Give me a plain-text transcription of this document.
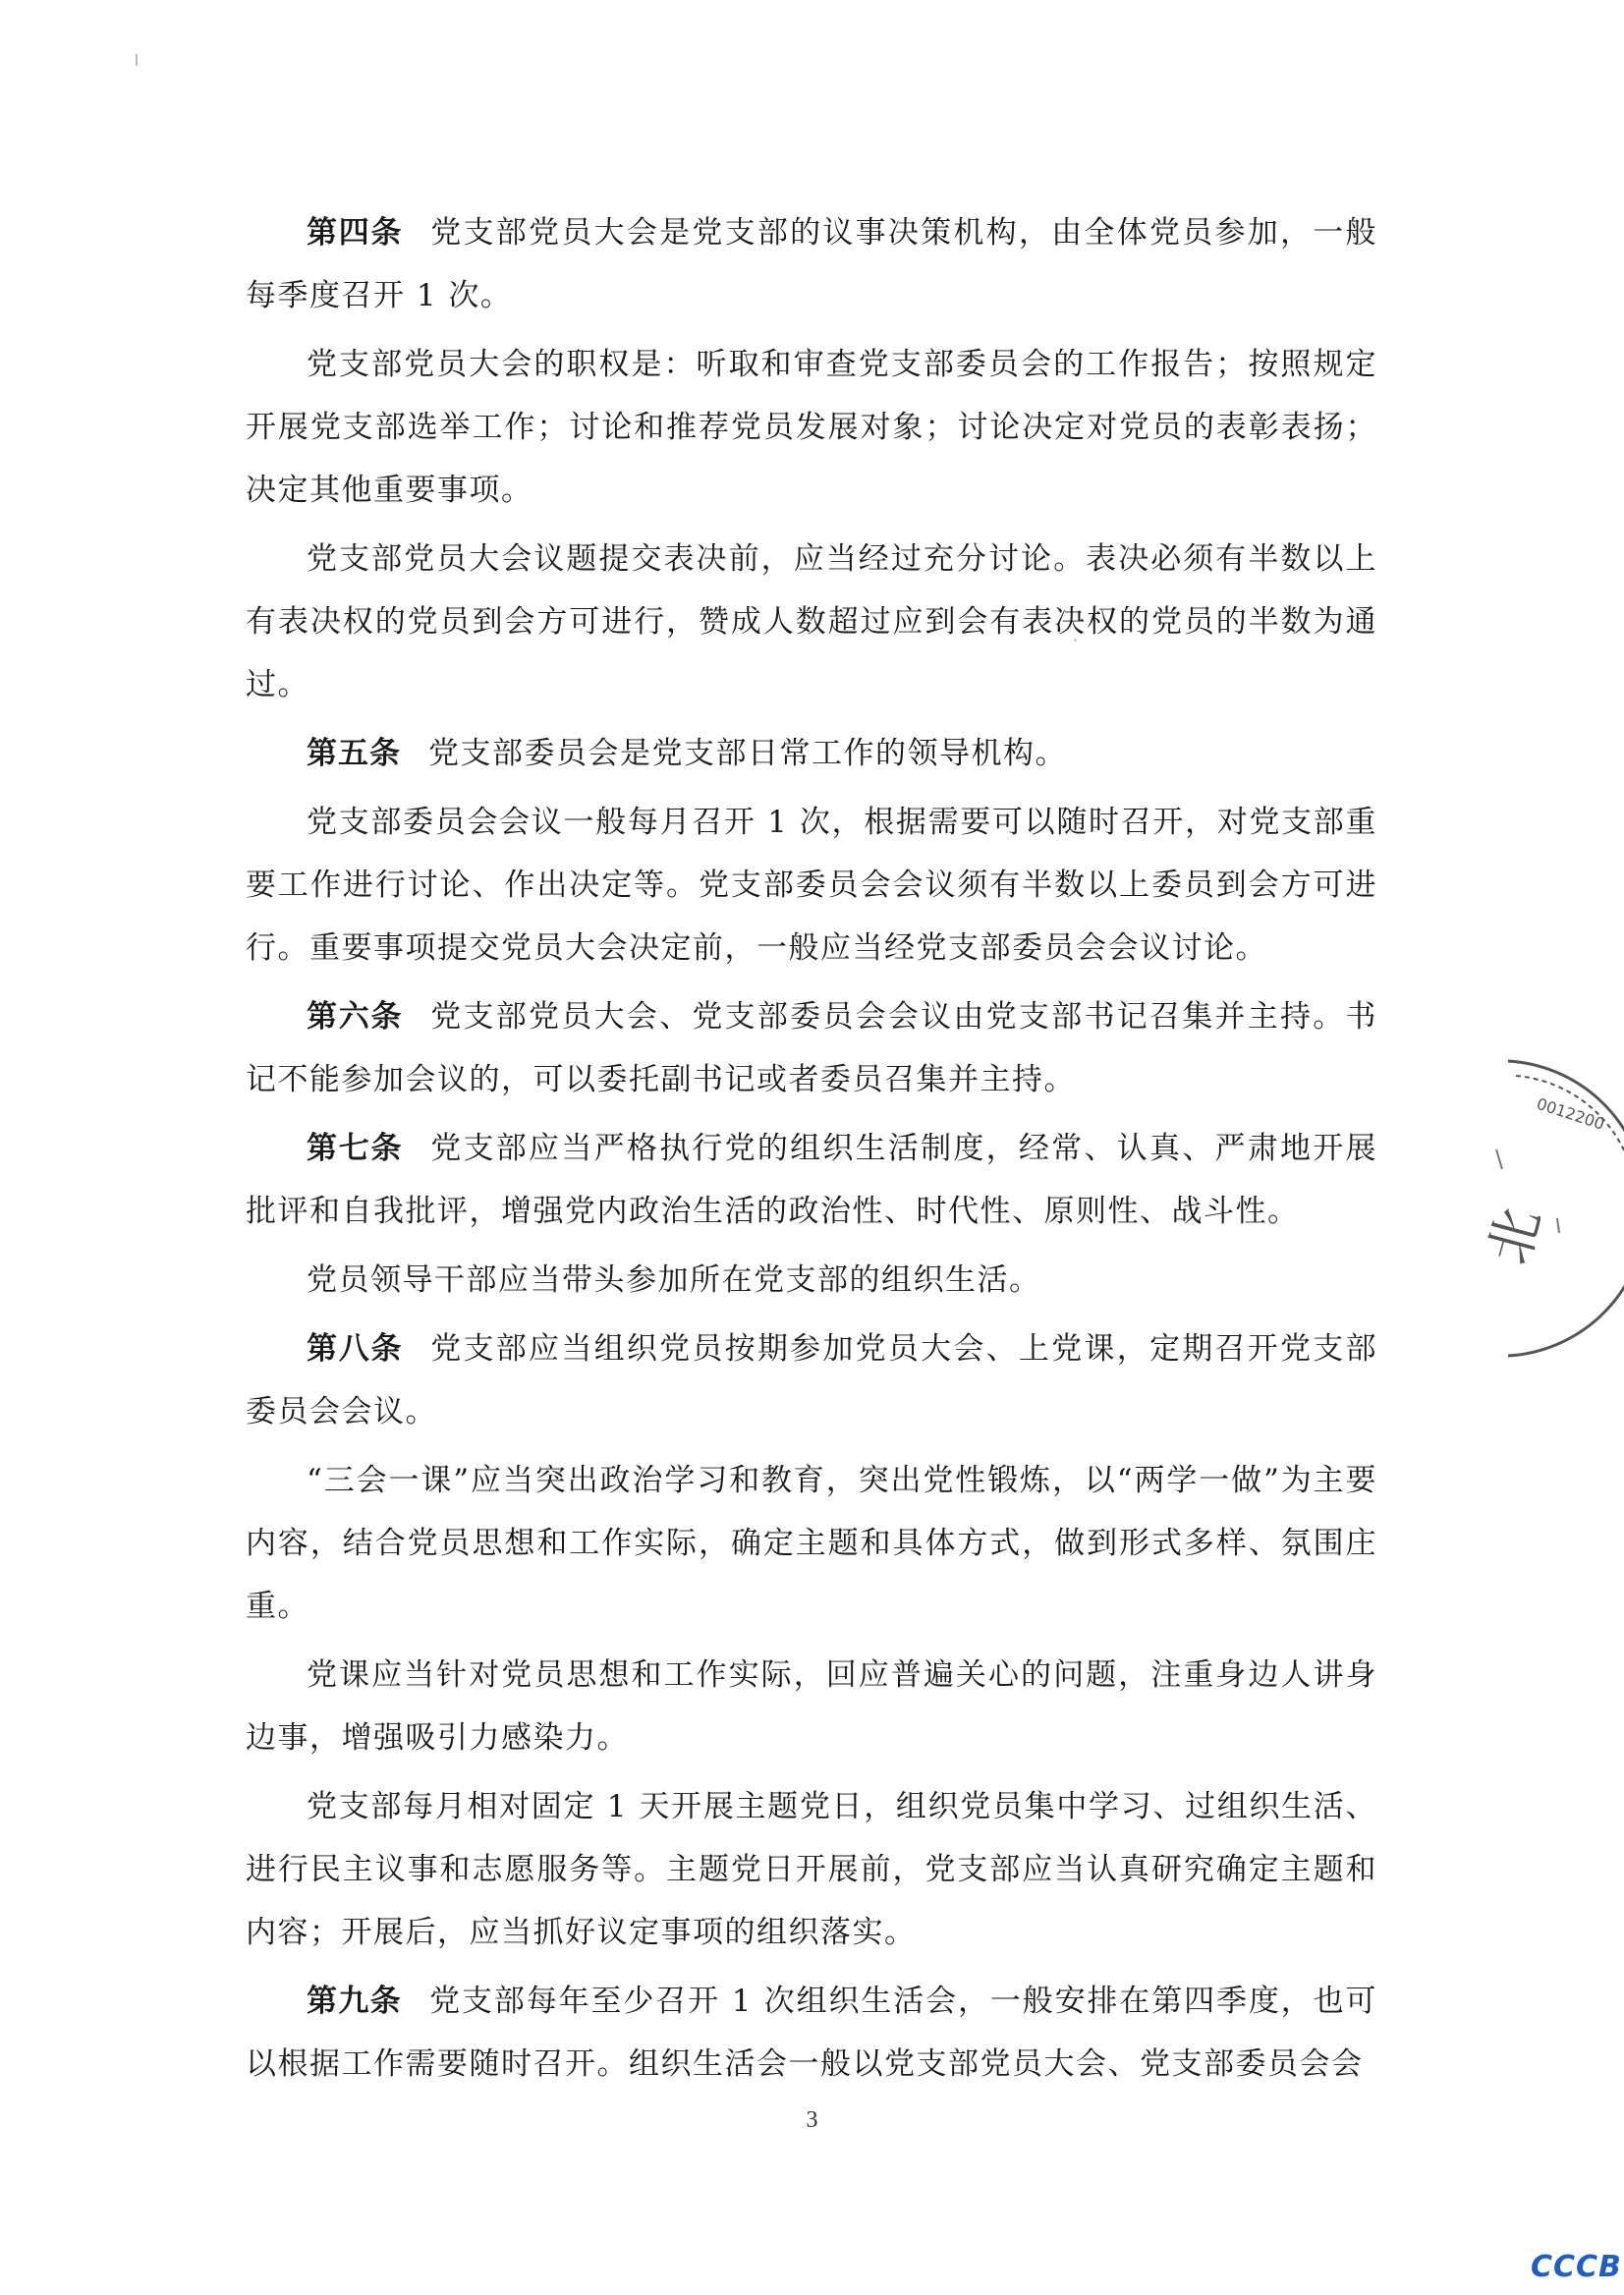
第四条 党支部党员大会是党支部的议事决策机构，由全体党员参加，一般每季度召开 1 次。

党支部党员大会的职权是：听取和审查党支部委员会的工作报告；按照规定开展党支部选举工作；讨论和推荐党员发展对象；讨论决定对党员的表彰表扬；决定其他重要事项。

党支部党员大会议题提交表决前，应当经过充分讨论。表决必须有半数以上有表决权的党员到会方可进行，赞成人数超过应到会有表决权的党员的半数为通过。

第五条 党支部委员会是党支部日常工作的领导机构。

党支部委员会会议一般每月召开 1 次，根据需要可以随时召开，对党支部重要工作进行讨论、作出决定等。党支部委员会会议须有半数以上委员到会方可进行。重要事项提交党员大会决定前，一般应当经党支部委员会会议讨论。

第六条 党支部党员大会、党支部委员会会议由党支部书记召集并主持。书记不能参加会议的，可以委托副书记或者委员召集并主持。

第七条 党支部应当严格执行党的组织生活制度，经常、认真、严肃地开展批评和自我批评，增强党内政治生活的政治性、时代性、原则性、战斗性。

党员领导干部应当带头参加所在党支部的组织生活。

第八条 党支部应当组织党员按期参加党员大会、上党课，定期召开党支部委员会会议。

“三会一课”应当突出政治学习和教育，突出党性锻炼，以“两学一做”为主要内容，结合党员思想和工作实际，确定主题和具体方式，做到形式多样、氛围庄重。

党课应当针对党员思想和工作实际，回应普遍关心的问题，注重身边人讲身边事，增强吸引力感染力。

党支部每月相对固定 1 天开展主题党日，组织党员集中学习、过组织生活、进行民主议事和志愿服务等。主题党日开展前，党支部应当认真研究确定主题和内容；开展后，应当抓好议定事项的组织落实。

第九条 党支部每年至少召开 1 次组织生活会，一般安排在第四季度，也可以根据工作需要随时召开。组织生活会一般以党支部党员大会、党支部委员会会

3
0012200
北
CCCB
